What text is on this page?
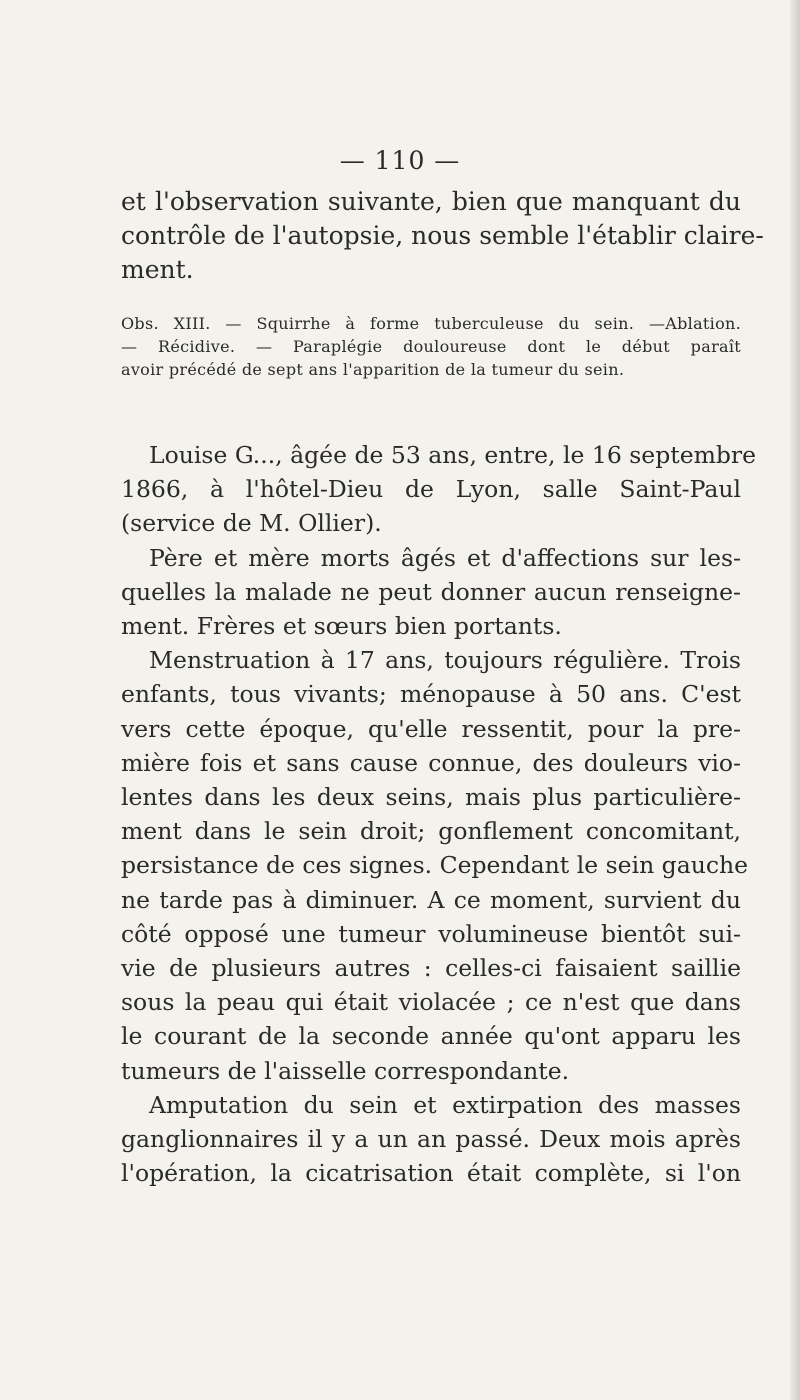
— 110 —
et l'observation suivante, bien que manquant du
contrôle de l'autopsie, nous semble l'établir claire-
ment.
Obs. XIII. — Squirrhe à forme tuberculeuse du sein. —Ablation.
— Récidive. — Paraplégie douloureuse dont le début paraît
avoir précédé de sept ans l'apparition de la tumeur du sein.
Louise G..., âgée de 53 ans, entre, le 16 septembre
1866, à l'hôtel-Dieu de Lyon, salle Saint-Paul
(service de M. Ollier).
Père et mère morts âgés et d'affections sur les-
quelles la malade ne peut donner aucun renseigne-
ment. Frères et sœurs bien portants.
Menstruation à 17 ans, toujours régulière. Trois
enfants, tous vivants; ménopause à 50 ans. C'est
vers cette époque, qu'elle ressentit, pour la pre-
mière fois et sans cause connue, des douleurs vio-
lentes dans les deux seins, mais plus particulière-
ment dans le sein droit; gonflement concomitant,
persistance de ces signes. Cependant le sein gauche
ne tarde pas à diminuer. A ce moment, survient du
côté opposé une tumeur volumineuse bientôt sui-
vie de plusieurs autres : celles-ci faisaient saillie
sous la peau qui était violacée ; ce n'est que dans
le courant de la seconde année qu'ont apparu les
tumeurs de l'aisselle correspondante.
Amputation du sein et extirpation des masses
ganglionnaires il y a un an passé. Deux mois après
l'opération, la cicatrisation était complète, si l'on
